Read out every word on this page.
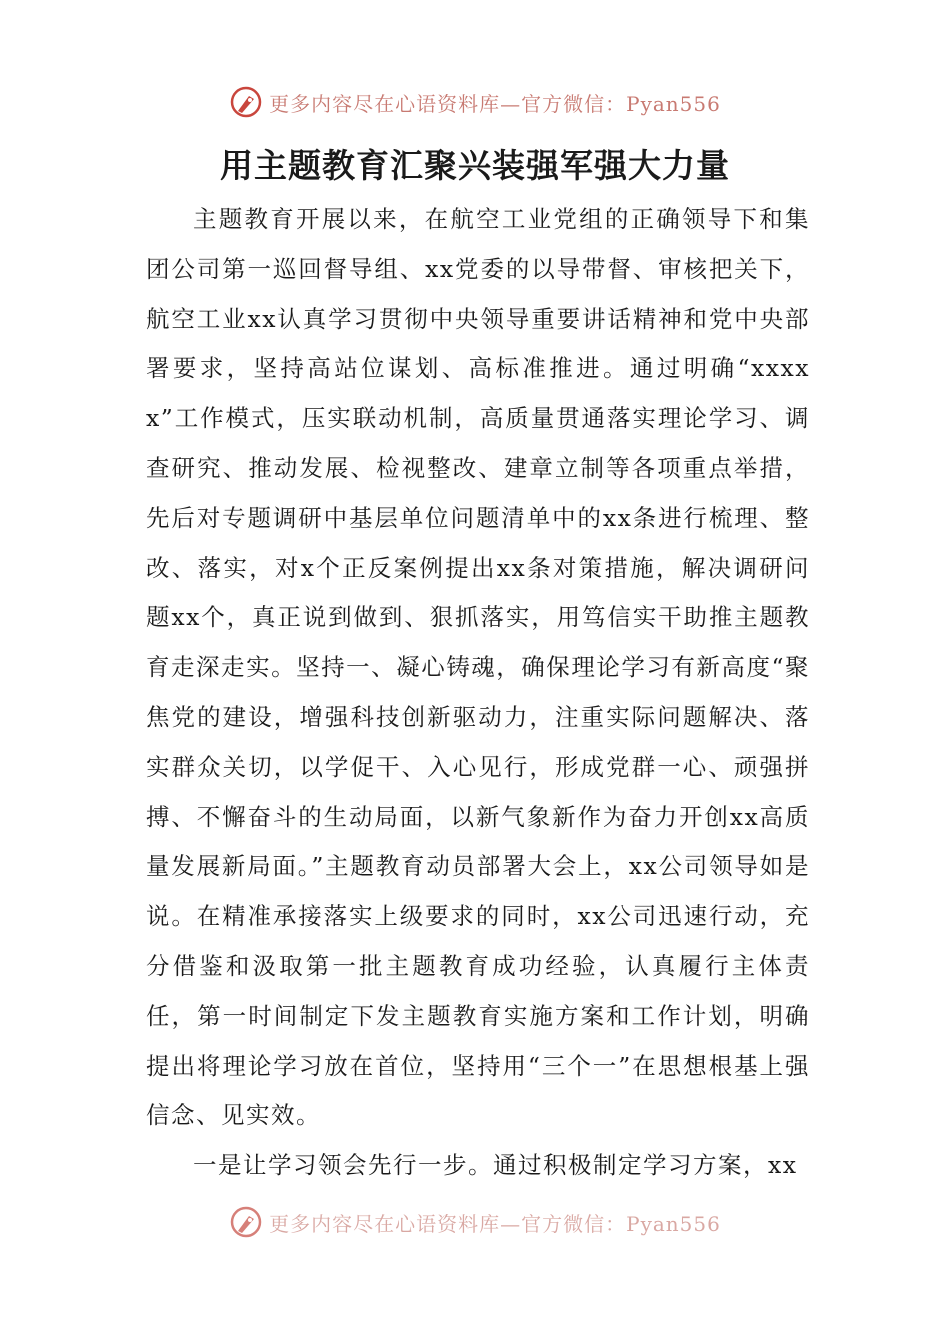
更多内容尽在心语资料库—官方微信：Pyan556
用主题教育汇聚兴装强军强大力量

主题教育开展以来，在航空工业党组的正确领导下和集团公司第一巡回督导组、xx党委的以导带督、审核把关下，航空工业xx认真学习贯彻中央领导重要讲话精神和党中央部署要求，坚持高站位谋划、高标准推进。通过明确“xxxxx”工作模式，压实联动机制，高质量贯通落实理论学习、调查研究、推动发展、检视整改、建章立制等各项重点举措，先后对专题调研中基层单位问题清单中的xx条进行梳理、整改、落实，对x个正反案例提出xx条对策措施，解决调研问题xx个，真正说到做到、狠抓落实，用笃信实干助推主题教育走深走实。坚持一、凝心铸魂，确保理论学习有新高度“聚焦党的建设，增强科技创新驱动力，注重实际问题解决、落实群众关切，以学促干、入心见行，形成党群一心、顽强拼搏、不懈奋斗的生动局面，以新气象新作为奋力开创xx高质量发展新局面。”主题教育动员部署大会上，xx公司领导如是说。在精准承接落实上级要求的同时，xx公司迅速行动，充分借鉴和汲取第一批主题教育成功经验，认真履行主体责任，第一时间制定下发主题教育实施方案和工作计划，明确提出将理论学习放在首位，坚持用“三个一”在思想根基上强信念、见实效。

一是让学习领会先行一步。通过积极制定学习方案，xx

更多内容尽在心语资料库—官方微信：Pyan556
